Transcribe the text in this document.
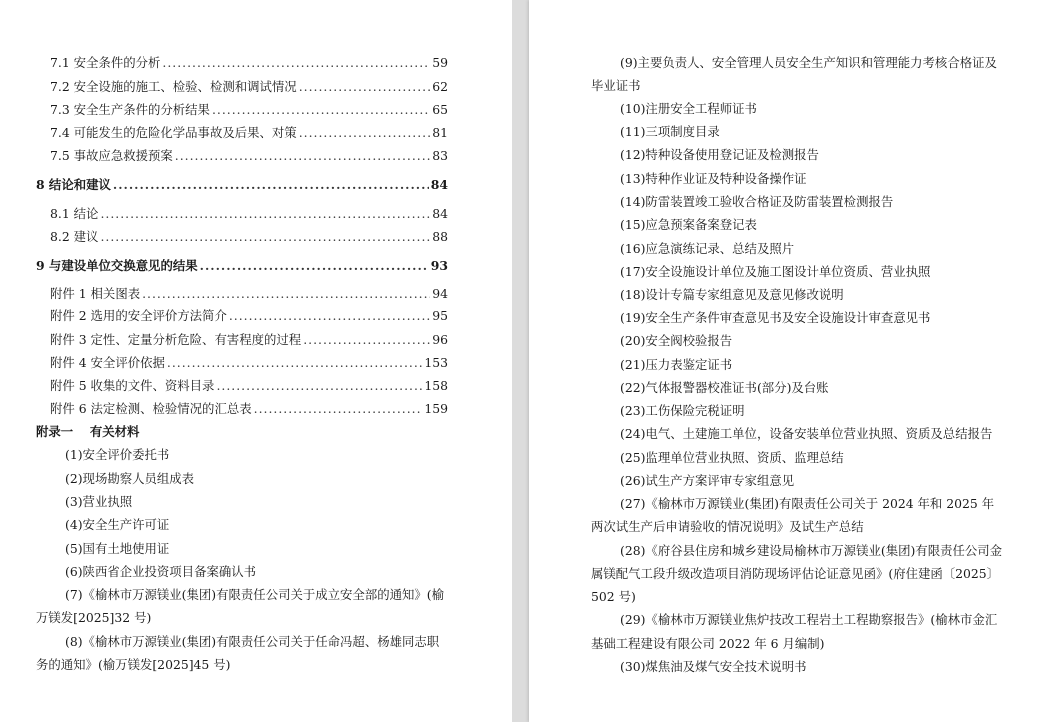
7.1 安全条件的分析 .....	59
7.2 安全设施的施工、检验、检测和调试情况 .....	62
7.3 安全生产条件的分析结果 .....	65
7.4 可能发生的危险化学品事故及后果、对策 .....	81
7.5 事故应急救援预案 .....	83
8 结论和建议 .....	84
8.1 结论 .....	84
8.2 建议 .....	88
9 与建设单位交换意见的结果 .....	93
附件 1 相关图表 .....	94
附件 2 选用的安全评价方法简介 .....	95
附件 3 定性、定量分析危险、有害程度的过程 .....	96
附件 4 安全评价依据 .....	153
附件 5 收集的文件、资料目录 .....	158
附件 6 法定检测、检验情况的汇总表 .....	159
附录一　 有关材料
(1)安全评价委托书
(2)现场勘察人员组成表
(3)营业执照
(4)安全生产许可证
(5)国有土地使用证
(6)陕西省企业投资项目备案确认书
(7)《榆林市万源镁业(集团)有限责任公司关于成立安全部的通知》(榆
万镁发[2025]32 号)
(8)《榆林市万源镁业(集团)有限责任公司关于任命冯超、杨雄同志职
务的通知》(榆万镁发[2025]45 号)
(9)主要负责人、安全管理人员安全生产知识和管理能力考核合格证及
毕业证书
(10)注册安全工程师证书
(11)三项制度目录
(12)特种设备使用登记证及检测报告
(13)特种作业证及特种设备操作证
(14)防雷装置竣工验收合格证及防雷装置检测报告
(15)应急预案备案登记表
(16)应急演练记录、总结及照片
(17)安全设施设计单位及施工图设计单位资质、营业执照
(18)设计专篇专家组意见及意见修改说明
(19)安全生产条件审查意见书及安全设施设计审查意见书
(20)安全阀校验报告
(21)压力表鉴定证书
(22)气体报警器校准证书(部分)及台账
(23)工伤保险完税证明
(24)电气、土建施工单位，设备安装单位营业执照、资质及总结报告
(25)监理单位营业执照、资质、监理总结
(26)试生产方案评审专家组意见
(27)《榆林市万源镁业(集团)有限责任公司关于 2024 年和 2025 年
两次试生产后申请验收的情况说明》及试生产总结
(28)《府谷县住房和城乡建设局榆林市万源镁业(集团)有限责任公司金
属镁配气工段升级改造项目消防现场评估论证意见函》(府住建函〔2025〕
502 号)
(29)《榆林市万源镁业焦炉技改工程岩土工程勘察报告》(榆林市金汇
基础工程建设有限公司 2022 年 6 月编制)
(30)煤焦油及煤气安全技术说明书
